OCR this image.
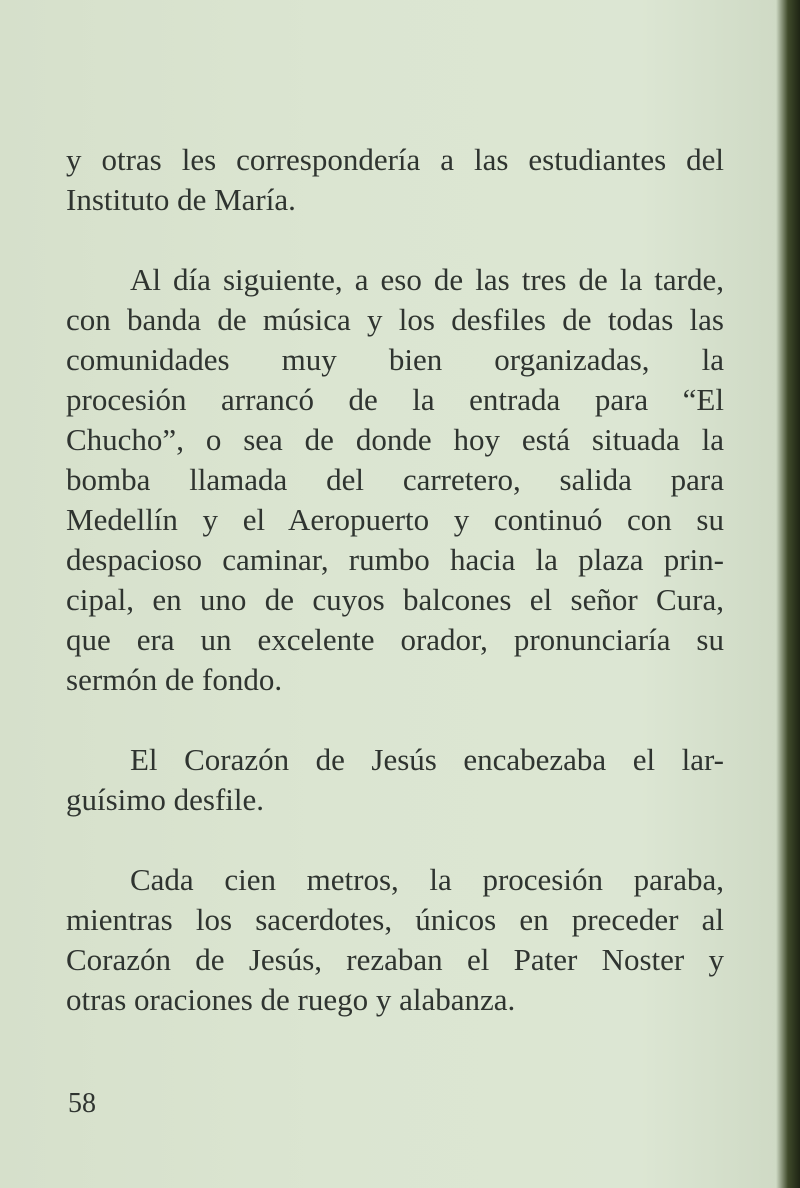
y otras les correspondería a las estudiantes del
Instituto de María.
Al día siguiente, a eso de las tres de la tarde,
con banda de música y los desfiles de todas las
comunidades muy bien organizadas, la
procesión arrancó de la entrada para “El
Chucho”, o sea de donde hoy está situada la
bomba llamada del carretero, salida para
Medellín y el Aeropuerto y continuó con su
despacioso caminar, rumbo hacia la plaza prin-
cipal, en uno de cuyos balcones el señor Cura,
que era un excelente orador, pronunciaría su
sermón de fondo.
El Corazón de Jesús encabezaba el lar-
guísimo desfile.
Cada cien metros, la procesión paraba,
mientras los sacerdotes, únicos en preceder al
Corazón de Jesús, rezaban el Pater Noster y
otras oraciones de ruego y alabanza.
58
